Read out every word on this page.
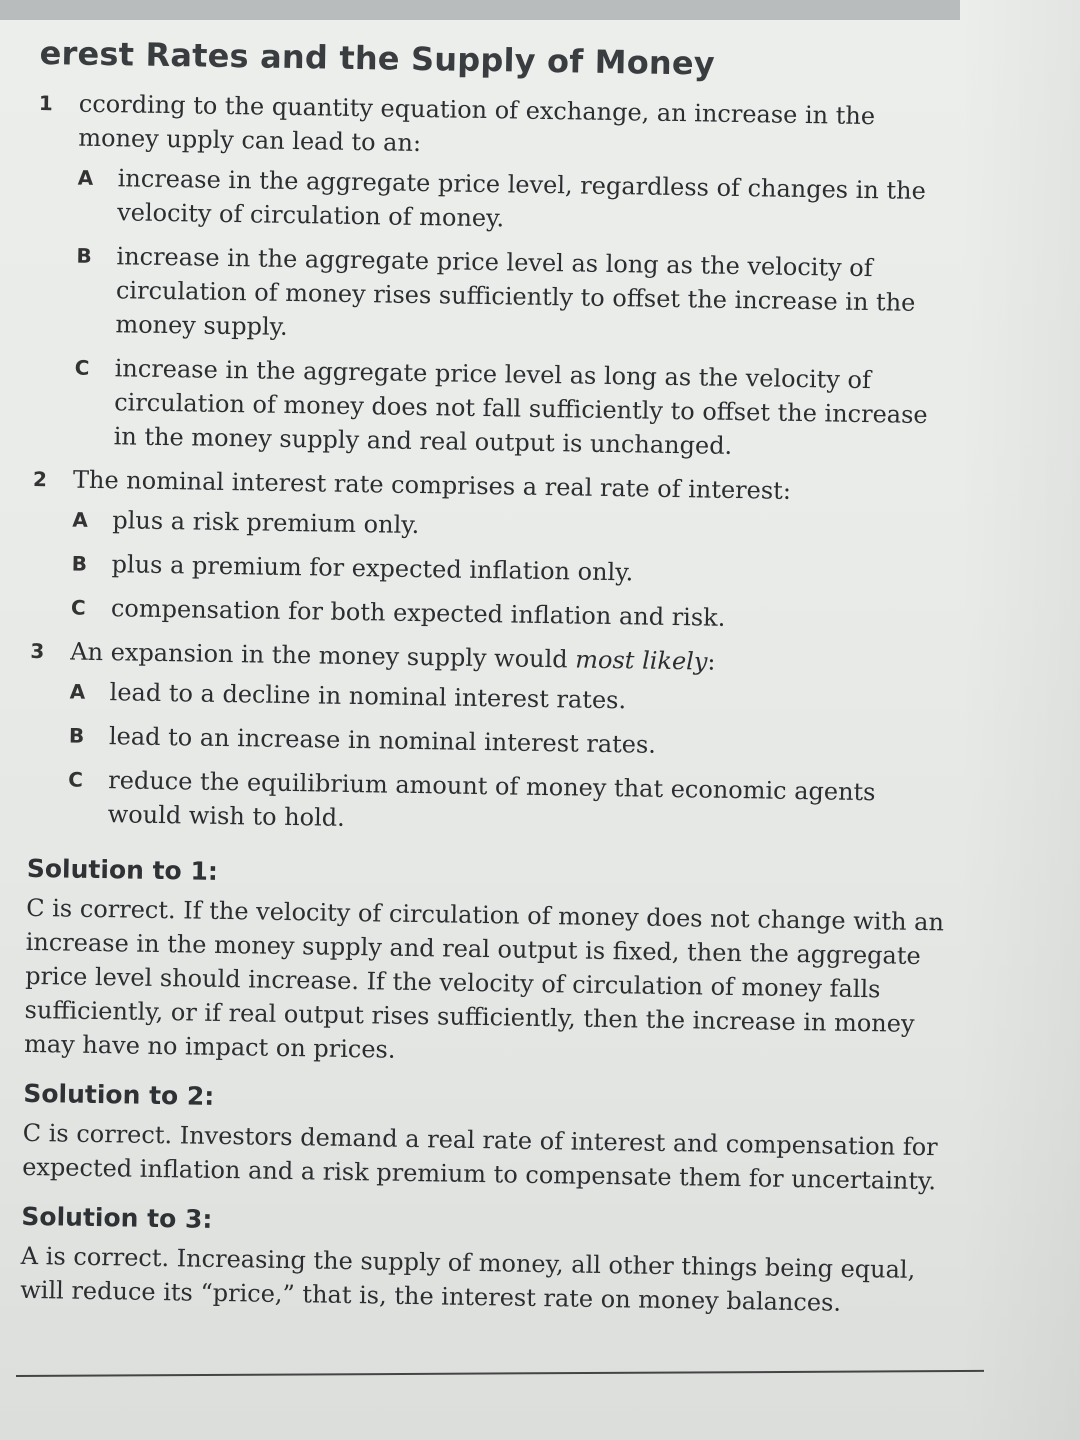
erest Rates and the Supply of Money
1 ccording to the quantity equation of exchange, an increase in the money upply can lead to an:
A increase in the aggregate price level, regardless of changes in the velocity of circulation of money.
B increase in the aggregate price level as long as the velocity of circulation of money rises sufficiently to offset the increase in the money supply.
C increase in the aggregate price level as long as the velocity of circulation of money does not fall sufficiently to offset the increase in the money supply and real output is unchanged.
2 The nominal interest rate comprises a real rate of interest:
A plus a risk premium only.
B plus a premium for expected inflation only.
C compensation for both expected inflation and risk.
3 An expansion in the money supply would most likely:
A lead to a decline in nominal interest rates.
B lead to an increase in nominal interest rates.
C reduce the equilibrium amount of money that economic agents would wish to hold.
Solution to 1:

C is correct. If the velocity of circulation of money does not change with an increase in the money supply and real output is fixed, then the aggregate price level should increase. If the velocity of circulation of money falls sufficiently, or if real output rises sufficiently, then the increase in money may have no impact on prices.

Solution to 2:

C is correct. Investors demand a real rate of interest and compensation for expected inflation and a risk premium to compensate them for uncertainty.

Solution to 3:

A is correct. Increasing the supply of money, all other things being equal, will reduce its “price,” that is, the interest rate on money balances.
